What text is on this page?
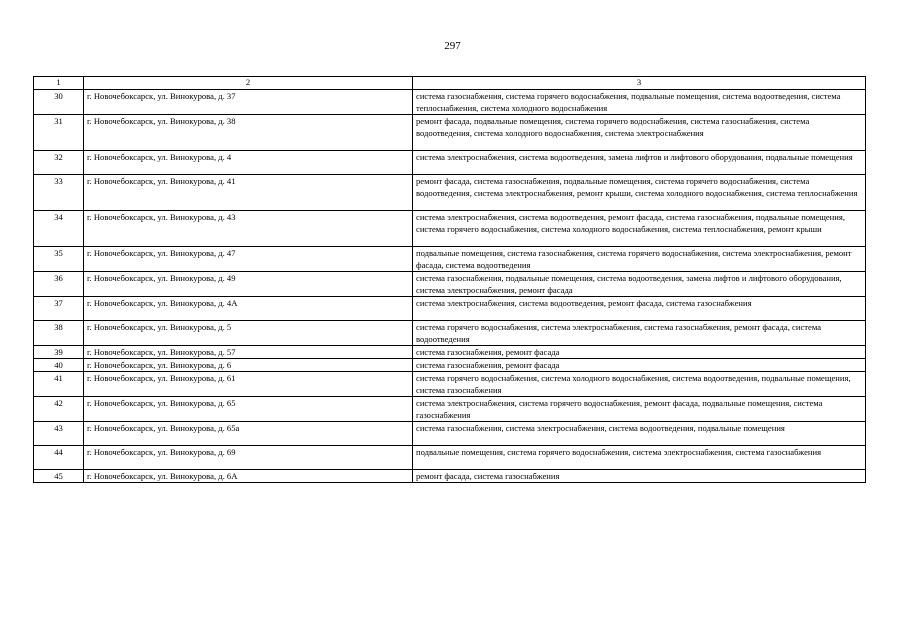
297
1	2	3
30	г. Новочебоксарск, ул. Винокурова, д. 37	система газоснабжения, система горячего водоснабжения, подвальные помещения, система водоотведения, система теплоснабжения, система холодного водоснабжения
31	г. Новочебоксарск, ул. Винокурова, д. 38	ремонт фасада, подвальные помещения, система горячего водоснабжения, система газоснабжения, система водоотведения, система холодного водоснабжения, система электроснабжения
32	г. Новочебоксарск, ул. Винокурова, д. 4	система электроснабжения, система водоотведения, замена лифтов и лифтового оборудования, подвальные помещения
33	г. Новочебоксарск, ул. Винокурова, д. 41	ремонт фасада, система газоснабжения, подвальные помещения, система горячего водоснабжения, система водоотведения, система электроснабжения, ремонт крыши, система холодного водоснабжения, система теплоснабжения
34	г. Новочебоксарск, ул. Винокурова, д. 43	система электроснабжения, система водоотведения, ремонт фасада, система газоснабжения, подвальные помещения, система горячего водоснабжения, система холодного водоснабжения, система теплоснабжения, ремонт крыши
35	г. Новочебоксарск, ул. Винокурова, д. 47	подвальные помещения, система газоснабжения, система горячего водоснабжения, система электроснабжения, ремонт фасада, система водоотведения
36	г. Новочебоксарск, ул. Винокурова, д. 49	система газоснабжения, подвальные помещения, система водоотведения, замена лифтов и лифтового оборудования, система электроснабжения, ремонт фасада
37	г. Новочебоксарск, ул. Винокурова, д. 4А	система электроснабжения, система водоотведения, ремонт фасада, система газоснабжения
38	г. Новочебоксарск, ул. Винокурова, д. 5	система горячего водоснабжения, система электроснабжения, система газоснабжения, ремонт фасада, система водоотведения
39	г. Новочебоксарск, ул. Винокурова, д. 57	система газоснабжения, ремонт фасада
40	г. Новочебоксарск, ул. Винокурова, д. 6	система газоснабжения, ремонт фасада
41	г. Новочебоксарск, ул. Винокурова, д. 61	система горячего водоснабжения, система холодного водоснабжения, система водоотведения, подвальные помещения, система газоснабжения
42	г. Новочебоксарск, ул. Винокурова, д. 65	система электроснабжения, система горячего водоснабжения, ремонт фасада, подвальные помещения, система газоснабжения
43	г. Новочебоксарск, ул. Винокурова, д. 65а	система газоснабжения, система электроснабжения, система водоотведения, подвальные помещения
44	г. Новочебоксарск, ул. Винокурова, д. 69	подвальные помещения, система горячего водоснабжения, система электроснабжения, система газоснабжения
45	г. Новочебоксарск, ул. Винокурова, д. 6А	ремонт фасада, система газоснабжения
